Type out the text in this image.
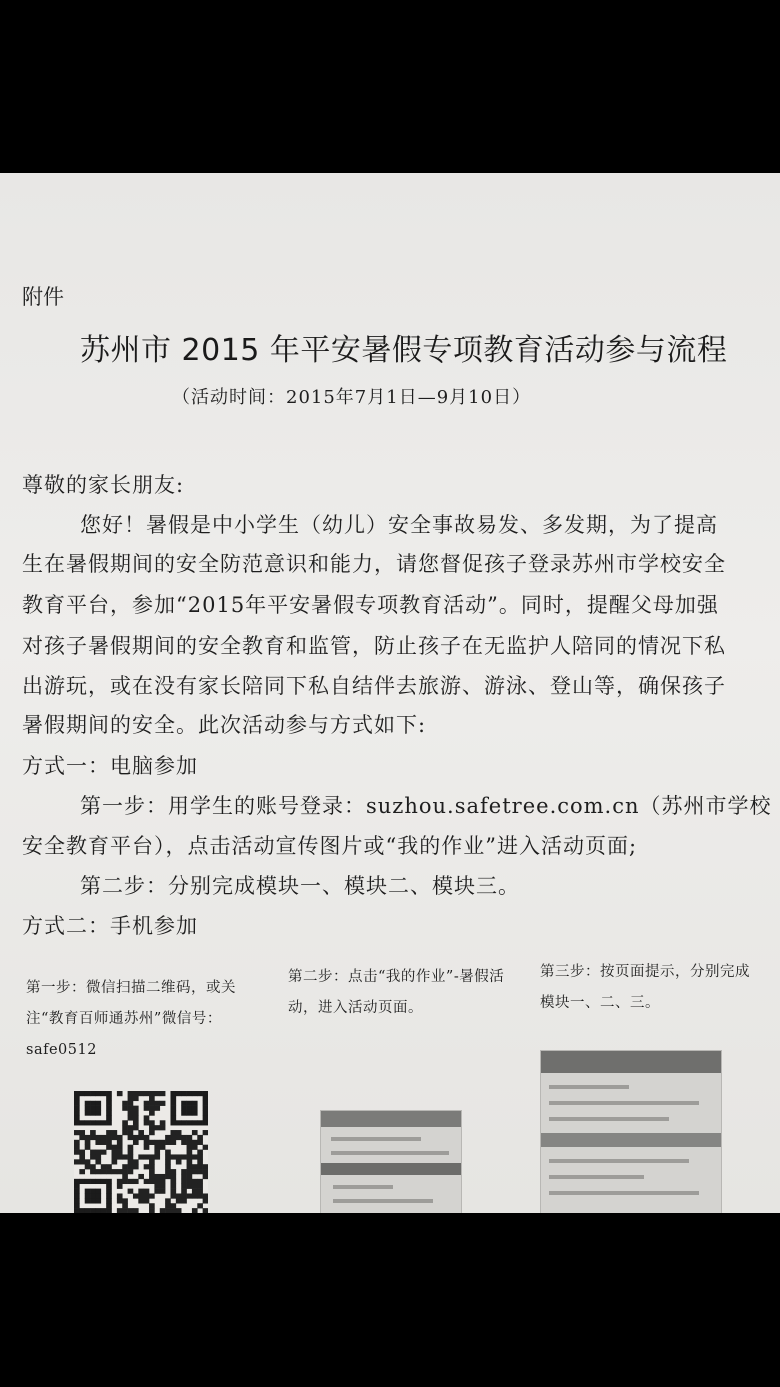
附件
苏州市 2015 年平安暑假专项教育活动参与流程
（活动时间：2015年7月1日—9月10日）
尊敬的家长朋友:
您好！暑假是中小学生（幼儿）安全事故易发、多发期，为了提高
生在暑假期间的安全防范意识和能力，请您督促孩子登录苏州市学校安全
教育平台，参加“2015年平安暑假专项教育活动”。同时，提醒父母加强
对孩子暑假期间的安全教育和监管，防止孩子在无监护人陪同的情况下私
出游玩，或在没有家长陪同下私自结伴去旅游、游泳、登山等，确保孩子
暑假期间的安全。此次活动参与方式如下:
方式一：电脑参加
第一步：用学生的账号登录：suzhou.safetree.com.cn（苏州市学校
安全教育平台），点击活动宣传图片或“我的作业”进入活动页面;
第二步：分别完成模块一、模块二、模块三。
方式二：手机参加
第一步：微信扫描二维码，或关注“教育百师通苏州”微信号：safe0512
第二步：点击“我的作业”-暑假活动，进入活动页面。
第三步：按页面提示，分别完成模块一、二、三。
